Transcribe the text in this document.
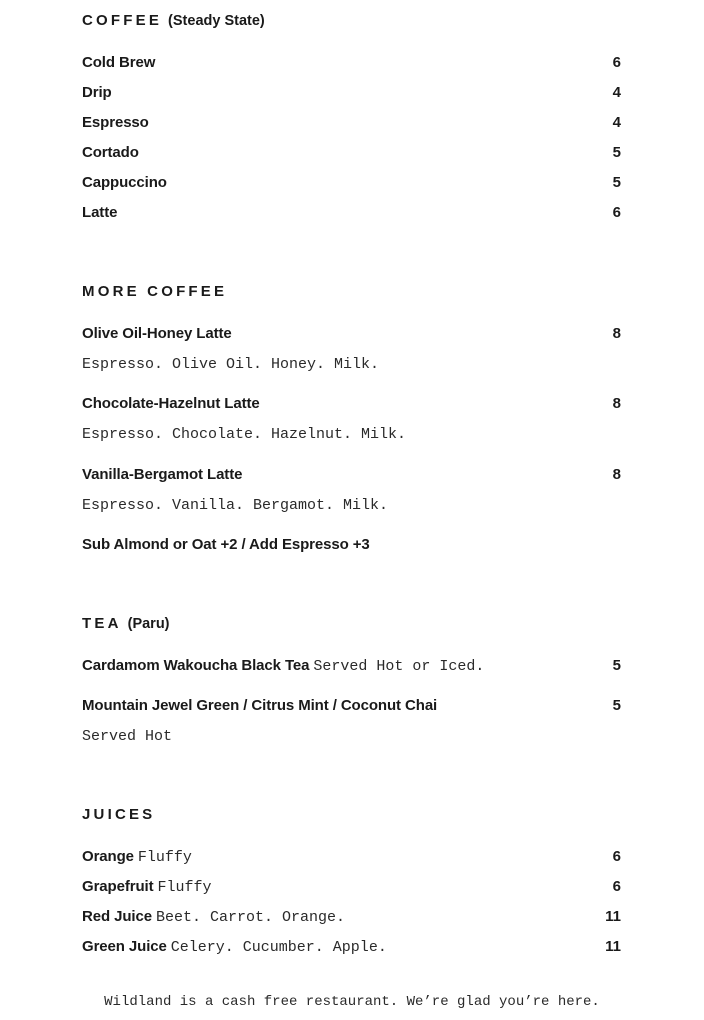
COFFEE (Steady State)
Cold Brew	6
Drip	4
Espresso	4
Cortado	5
Cappuccino	5
Latte	6
MORE COFFEE
Olive Oil-Honey Latte	8
Espresso. Olive Oil. Honey. Milk.
Chocolate-Hazelnut Latte	8
Espresso. Chocolate. Hazelnut. Milk.
Vanilla-Bergamot Latte	8
Espresso. Vanilla. Bergamot. Milk.
Sub Almond or Oat +2 / Add Espresso +3
TEA (Paru)
Cardamom Wakoucha Black Tea Served Hot or Iced.	5
Mountain Jewel Green / Citrus Mint / Coconut Chai	5
Served Hot
JUICES
Orange Fluffy	6
Grapefruit Fluffy	6
Red Juice Beet. Carrot. Orange.	11
Green Juice Celery. Cucumber. Apple.	11
Wildland is a cash free restaurant. We’re glad you’re here.
